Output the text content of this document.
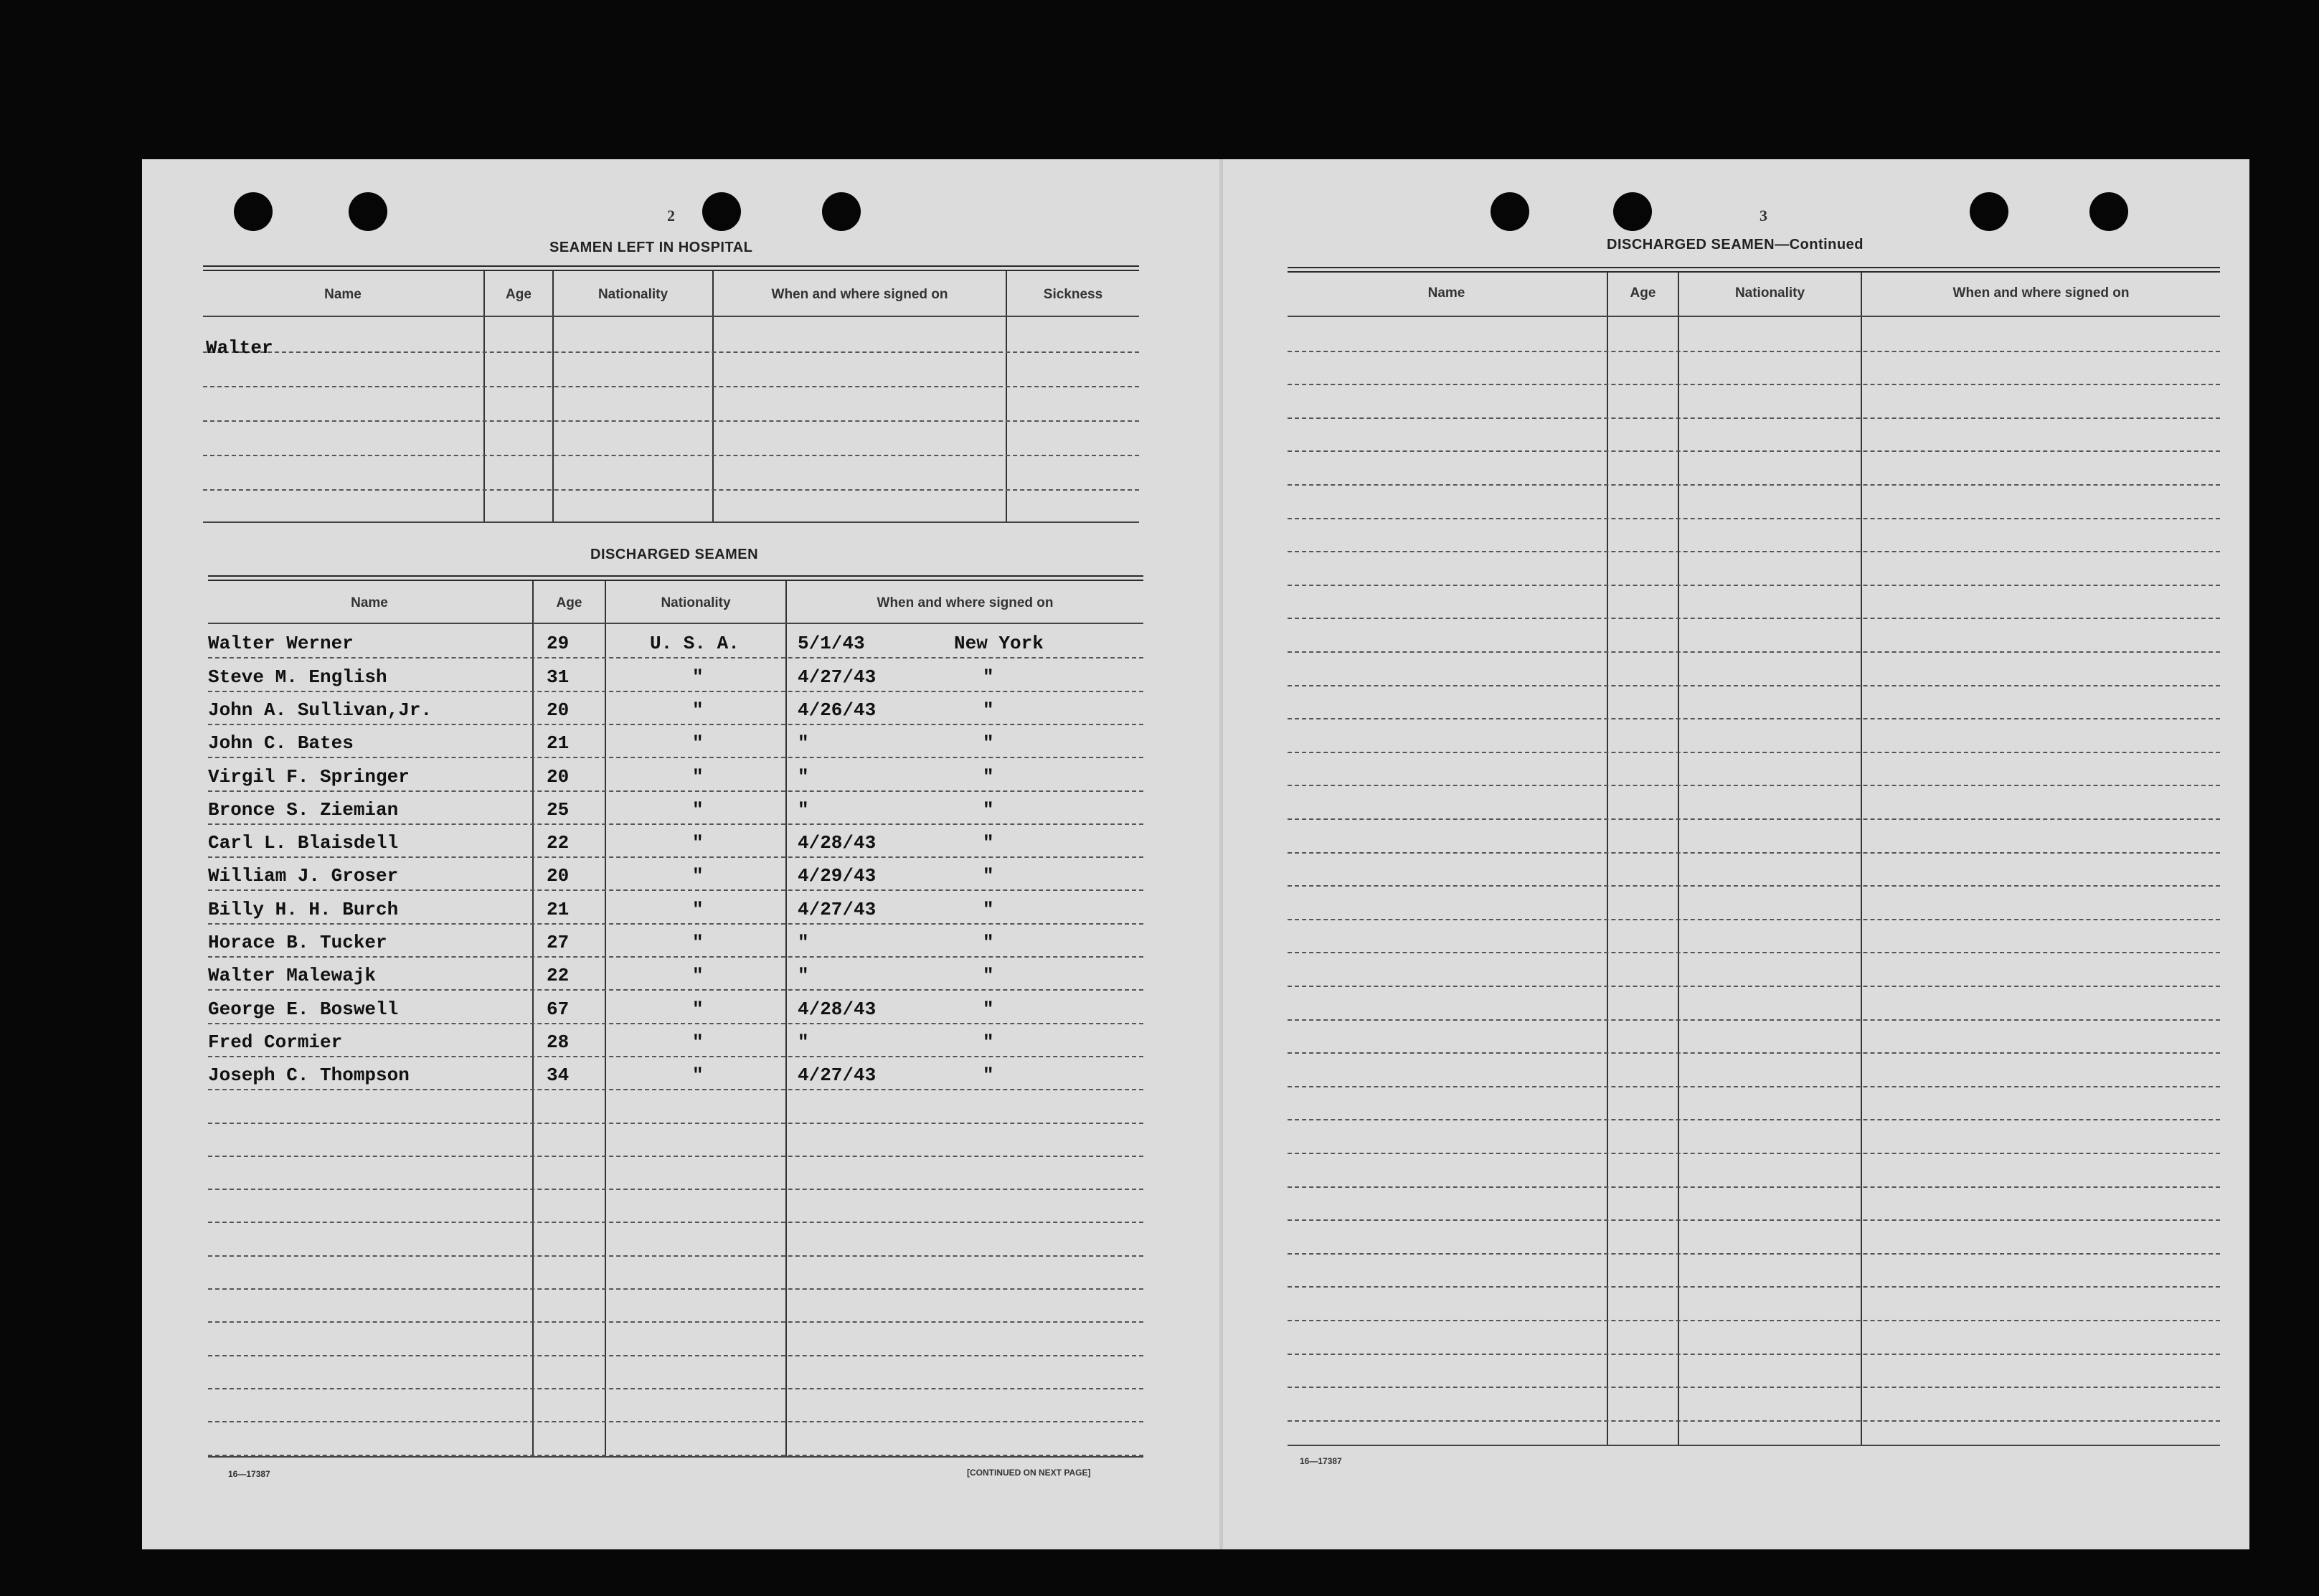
2
SEAMEN LEFT IN HOSPITAL
Name	Age	Nationality	When and where signed on	Sickness
Walter
DISCHARGED SEAMEN
Name	Age	Nationality	When and where signed on
Walter Werner	29	U. S. A.	5/1/43	New York
Steve M. English	31	"	4/27/43	"
John A. Sullivan,Jr.	20	"	4/26/43	"
John C. Bates	21	"	"	"
Virgil F. Springer	20	"	"	"
Bronce S. Ziemian	25	"	"	"
Carl L. Blaisdell	22	"	4/28/43	"
William J. Groser	20	"	4/29/43	"
Billy H. H. Burch	21	"	4/27/43	"
Horace B. Tucker	27	"	"	"
Walter Malewajk	22	"	"	"
George E. Boswell	67	"	4/28/43	"
Fred Cormier	28	"	"	"
Joseph C. Thompson	34	"	4/27/43	"
16—17387	[CONTINUED ON NEXT PAGE]
3
DISCHARGED SEAMEN—Continued
Name	Age	Nationality	When and where signed on
16—17387
